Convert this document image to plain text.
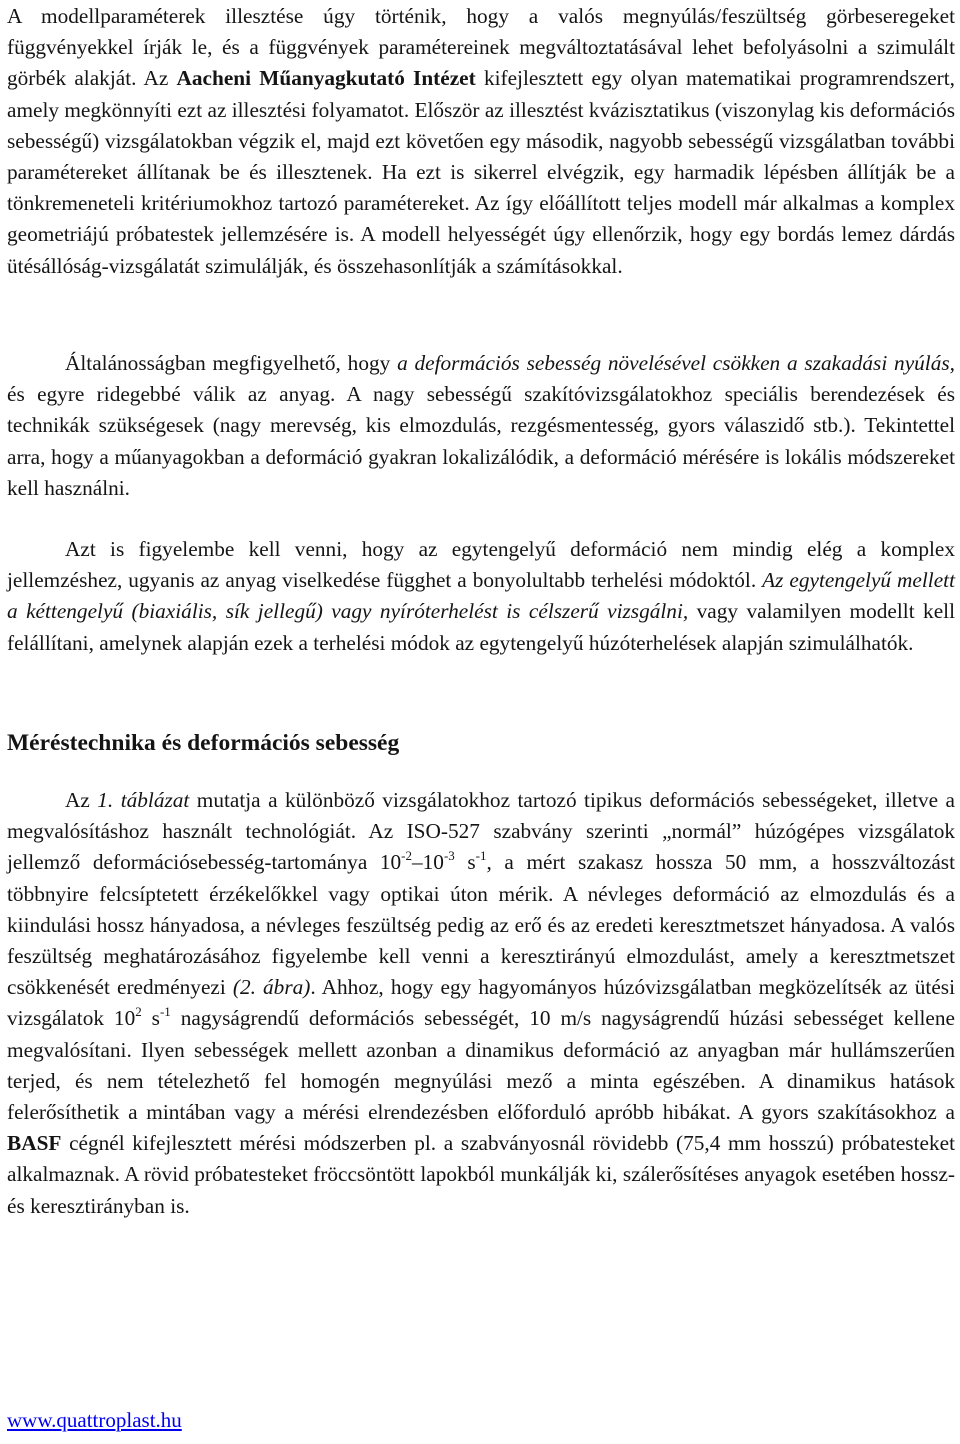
A modellparaméterek illesztése úgy történik, hogy a valós megnyúlás/feszültség görbeseregeket függvényekkel írják le, és a függvények paramétereinek megváltoztatásával lehet befolyásolni a szimulált görbék alakját. Az Aacheni Műanyagkutató Intézet kifejlesztett egy olyan matematikai programrendszert, amely megkönnyíti ezt az illesztési folyamatot. Először az illesztést kvázisztatikus (viszonylag kis deformációs sebességű) vizsgálatokban végzik el, majd ezt követően egy második, nagyobb sebességű vizsgálatban további paramétereket állítanak be és illesztenek. Ha ezt is sikerrel elvégzik, egy harmadik lépésben állítják be a tönkremeneteli kritériumokhoz tartozó paramétereket. Az így előállított teljes modell már alkalmas a komplex geometriájú próbatestek jellemzésére is. A modell helyességét úgy ellenőrzik, hogy egy bordás lemez dárdás ütésállóság-vizsgálatát szimulálják, és összehasonlítják a számításokkal.

Általánosságban megfigyelhető, hogy a deformációs sebesség növelésével csökken a szakadási nyúlás, és egyre ridegebbé válik az anyag. A nagy sebességű szakítóvizsgálatokhoz speciális berendezések és technikák szükségesek (nagy merevség, kis elmozdulás, rezgésmentesség, gyors válaszidő stb.). Tekintettel arra, hogy a műanyagokban a deformáció gyakran lokalizálódik, a deformáció mérésére is lokális módszereket kell használni.

Azt is figyelembe kell venni, hogy az egytengelyű deformáció nem mindig elég a komplex jellemzéshez, ugyanis az anyag viselkedése függhet a bonyolultabb terhelési módoktól. Az egytengelyű mellett a kéttengelyű (biaxiális, sík jellegű) vagy nyíróterhelést is célszerű vizsgálni, vagy valamilyen modellt kell felállítani, amelynek alapján ezek a terhelési módok az egytengelyű húzóterhelések alapján szimulálhatók.

Méréstechnika és deformációs sebesség

Az 1. táblázat mutatja a különböző vizsgálatokhoz tartozó tipikus deformációs sebességeket, illetve a megvalósításhoz használt technológiát. Az ISO-527 szabvány szerinti „normál” húzógépes vizsgálatok jellemző deformációsebesség-tartománya $10^{-2}-10^{-3}$ $s^{-1}$, a mért szakasz hossza 50 mm, a hosszváltozást többnyire felcsíptetett érzékelőkkel vagy optikai úton mérik. A névleges deformáció az elmozdulás és a kiindulási hossz hányadosa, a névleges feszültség pedig az erő és az eredeti keresztmetszet hányadosa. A valós feszültség meghatározásához figyelembe kell venni a keresztirányú elmozdulást, amely a keresztmetszet csökkenését eredményezi (2. ábra). Ahhoz, hogy egy hagyományos húzóvizsgálatban megközelítsék az ütési vizsgálatok $10^2$ $s^{-1}$ nagyságrendű deformációs sebességét, 10 m/s nagyságrendű húzási sebességet kellene megvalósítani. Ilyen sebességek mellett azonban a dinamikus deformáció az anyagban már hullámszerűen terjed, és nem tételezhető fel homogén megnyúlási mező a minta egészében. A dinamikus hatások felerősíthetik a mintában vagy a mérési elrendezésben előforduló apróbb hibákat. A gyors szakításokhoz a BASF cégnél kifejlesztett mérési módszerben pl. a szabványosnál rövidebb (75,4 mm hosszú) próbatesteket alkalmaznak. A rövid próbatesteket fröccsöntött lapokból munkálják ki, szálerősítéses anyagok esetében hossz- és keresztirányban is.

www.quattroplast.hu
